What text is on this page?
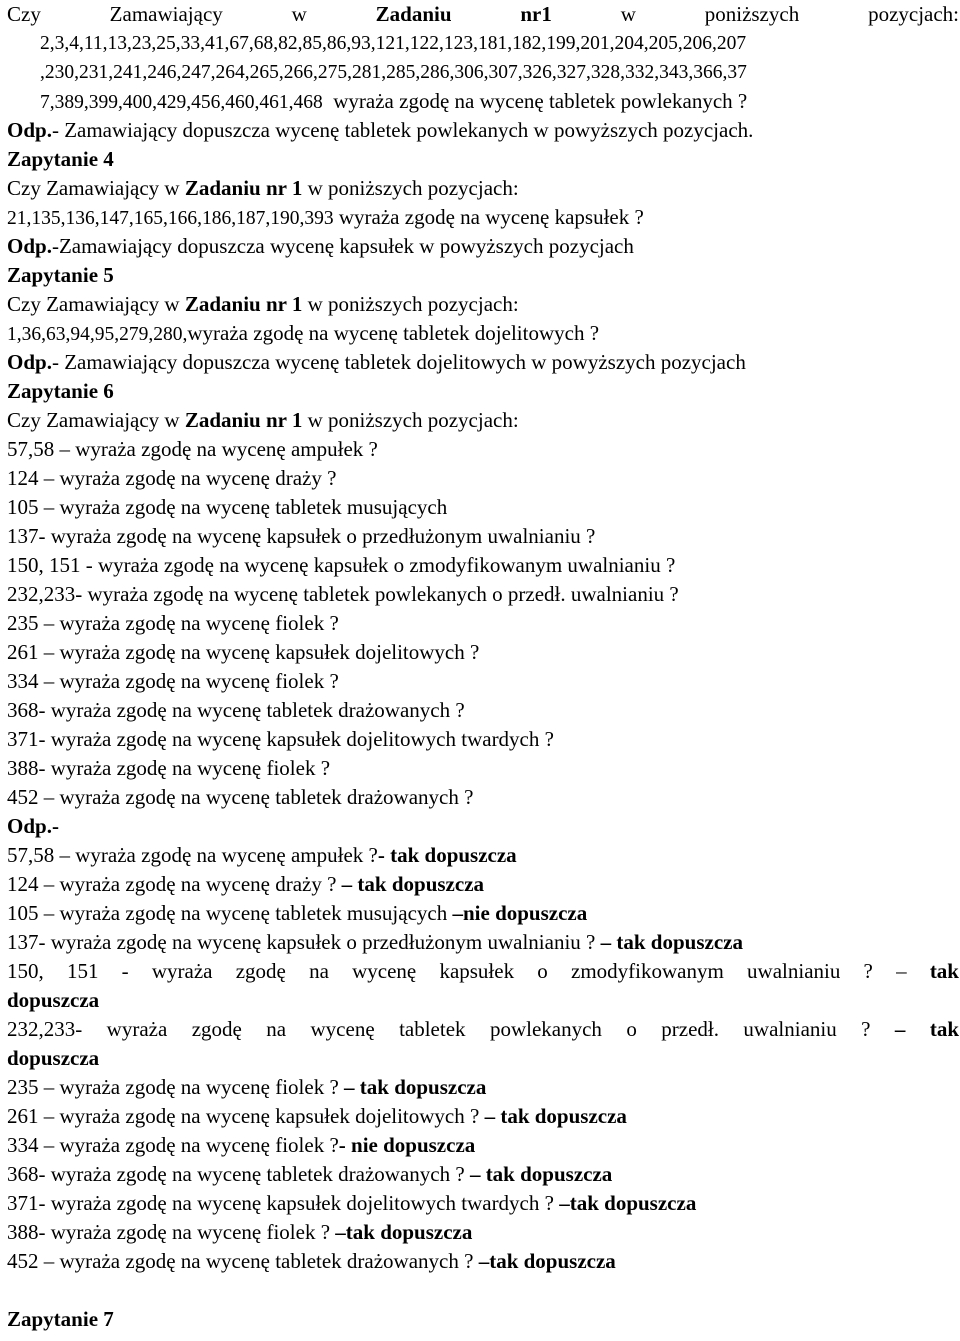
Czy	Zamawiający	w	Zadaniu	nr1	w	poniższych	pozycjach:
2,3,4,11,13,23,25,33,41,67,68,82,85,86,93,121,122,123,181,182,199,201,204,205,206,207
,230,231,241,246,247,264,265,266,275,281,285,286,306,307,326,327,328,332,343,366,37
7,389,399,400,429,456,460,461,468 wyraża zgodę na wycenę tabletek powlekanych ?
Odp.- Zamawiający dopuszcza wycenę tabletek powlekanych w powyższych pozycjach.
Zapytanie 4
Czy Zamawiający w Zadaniu nr 1 w poniższych pozycjach:
21,135,136,147,165,166,186,187,190,393 wyraża zgodę na wycenę kapsułek ?
Odp.-Zamawiający dopuszcza wycenę kapsułek w powyższych pozycjach
Zapytanie 5
Czy Zamawiający w Zadaniu nr 1 w poniższych pozycjach:
1,36,63,94,95,279,280,wyraża zgodę na wycenę tabletek dojelitowych ?
Odp.- Zamawiający dopuszcza wycenę tabletek dojelitowych w powyższych pozycjach
Zapytanie 6
Czy Zamawiający w Zadaniu nr 1 w poniższych pozycjach:
57,58 – wyraża zgodę na wycenę ampułek ?
124 – wyraża zgodę na wycenę draży ?
105 – wyraża zgodę na wycenę tabletek musujących
137- wyraża zgodę na wycenę kapsułek o przedłużonym uwalnianiu ?
150, 151 - wyraża zgodę na wycenę kapsułek o zmodyfikowanym uwalnianiu ?
232,233- wyraża zgodę na wycenę tabletek powlekanych o przedł. uwalnianiu ?
235 – wyraża zgodę na wycenę fiolek ?
261 – wyraża zgodę na wycenę kapsułek dojelitowych ?
334 – wyraża zgodę na wycenę fiolek ?
368- wyraża zgodę na wycenę tabletek drażowanych ?
371- wyraża zgodę na wycenę kapsułek dojelitowych twardych ?
388- wyraża zgodę na wycenę fiolek ?
452 – wyraża zgodę na wycenę tabletek drażowanych ?
Odp.-
57,58 – wyraża zgodę na wycenę ampułek ?- tak dopuszcza
124 – wyraża zgodę na wycenę draży ? – tak dopuszcza
105 – wyraża zgodę na wycenę tabletek musujących –nie dopuszcza
137- wyraża zgodę na wycenę kapsułek o przedłużonym uwalnianiu ? – tak dopuszcza
150, 151 - wyraża zgodę na wycenę kapsułek o zmodyfikowanym uwalnianiu ? – tak
dopuszcza
232,233- wyraża zgodę na wycenę tabletek powlekanych o przedł. uwalnianiu ? – tak
dopuszcza
235 – wyraża zgodę na wycenę fiolek ? – tak dopuszcza
261 – wyraża zgodę na wycenę kapsułek dojelitowych ? – tak dopuszcza
334 – wyraża zgodę na wycenę fiolek ?- nie dopuszcza
368- wyraża zgodę na wycenę tabletek drażowanych ? – tak dopuszcza
371- wyraża zgodę na wycenę kapsułek dojelitowych twardych ? –tak dopuszcza
388- wyraża zgodę na wycenę fiolek ? –tak dopuszcza
452 – wyraża zgodę na wycenę tabletek drażowanych ? –tak dopuszcza
Zapytanie 7
